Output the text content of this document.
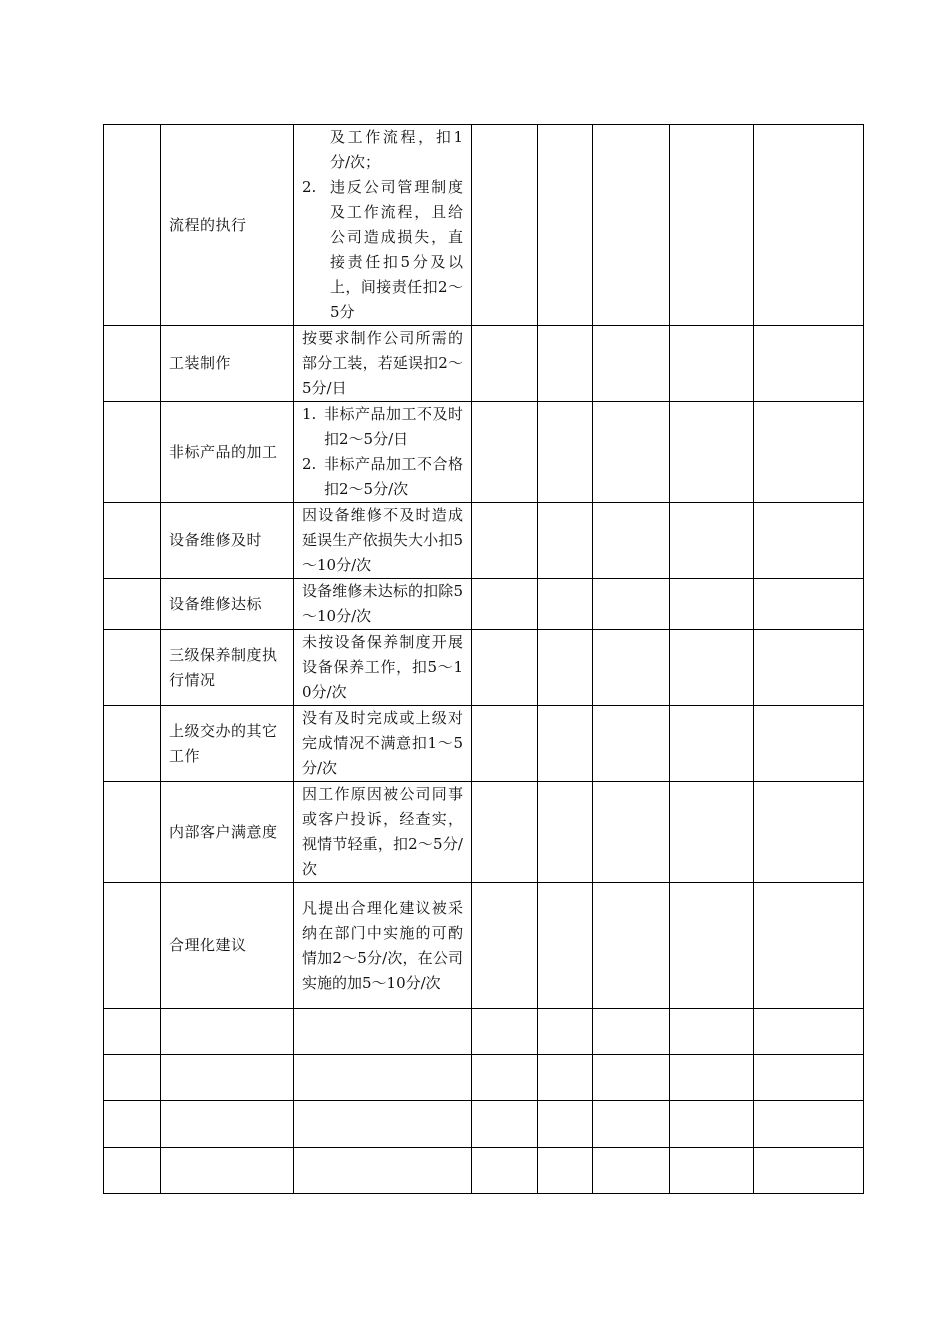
	流程的执行	及工作流程，扣1分/次；
2. 违反公司管理制度及工作流程，且给公司造成损失，直接责任扣5分及以上，间接责任扣2～5分					

	工装制作	按要求制作公司所需的部分工装，若延误扣2～5分/日					
	非标产品的加工	1. 非标产品加工不及时扣2～5分/日
2. 非标产品加工不合格扣2～5分/次					

	设备维修及时	因设备维修不及时造成延误生产依损失大小扣5～10分/次					
	设备维修达标	设备维修未达标的扣除5～10分/次					
	三级保养制度执行情况	未按设备保养制度开展设备保养工作，扣5～10分/次					
	上级交办的其它工作	没有及时完成或上级对完成情况不满意扣1～5分/次					
	内部客户满意度	因工作原因被公司同事或客户投诉，经查实，视情节轻重，扣2～5分/次					
	合理化建议	凡提出合理化建议被采纳在部门中实施的可酌情加2～5分/次，在公司实施的加5～10分/次					
